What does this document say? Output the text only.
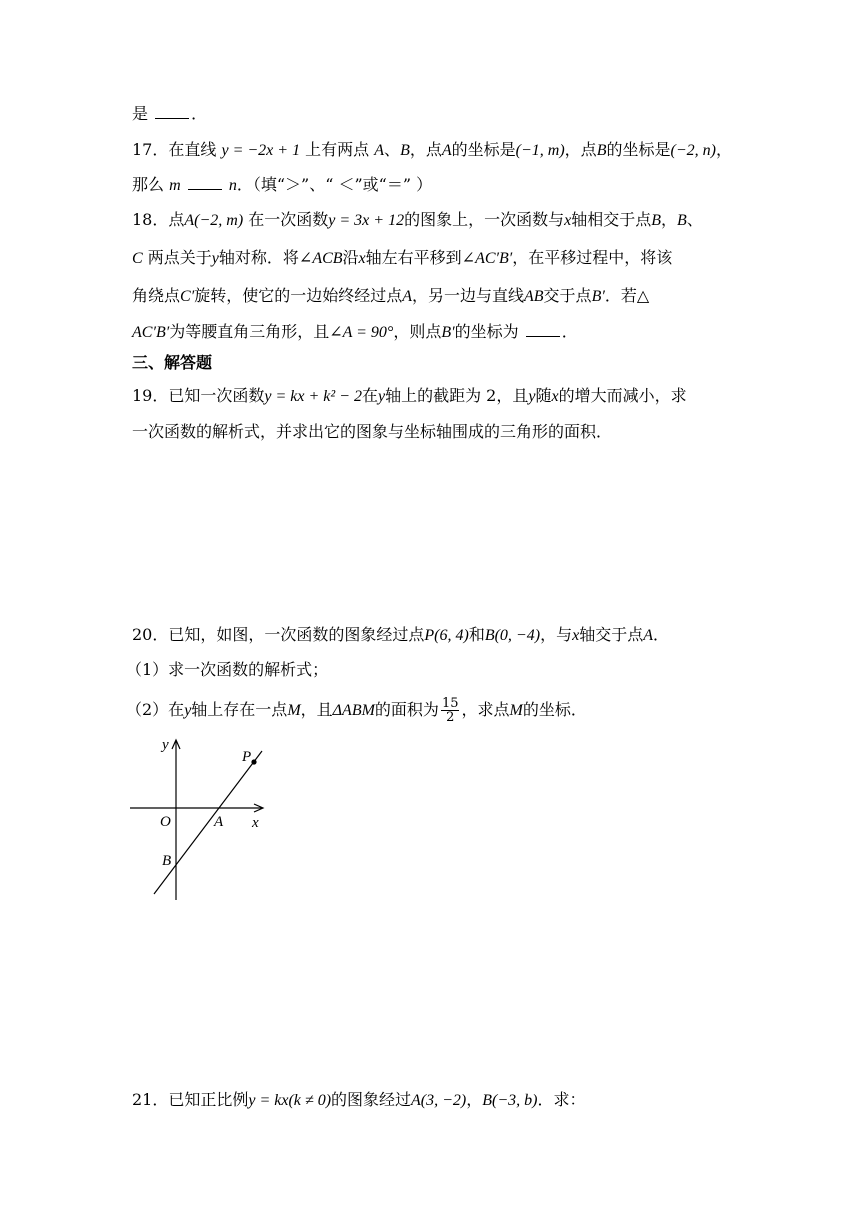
是	．
17．在直线 y = −2x + 1 上有两点 A、B，点A的坐标是(−1, m)，点B的坐标是(−2, n)，
那么 m	n．（填“＞”、“ ＜”或“＝” ）
18．点A(−2, m) 在一次函数y = 3x + 12的图象上，一次函数与x轴相交于点B，B、
C 两点关于y轴对称．将∠ACB沿x轴左右平移到∠AC′B′，在平移过程中，将该
角绕点C′旋转，使它的一边始终经过点A，另一边与直线AB交于点B′．若△
AC′B′为等腰直角三角形，且∠A = 90°，则点B′的坐标为	．
三、解答题
19．已知一次函数y = kx + k² − 2在y轴上的截距为 2，且y随x的增大而减小，求
一次函数的解析式，并求出它的图象与坐标轴围成的三角形的面积．
20．已知，如图，一次函数的图象经过点P(6, 4)和B(0, −4)，与x轴交于点A．
（1）求一次函数的解析式；
（2）在y轴上存在一点M，且ΔABM的面积为 $\frac{15}{2}$ ，求点M的坐标．
y
x
O	A
B
P
21．已知正比例y = kx(k ≠ 0)的图象经过A(3, −2)，B(−3, b)．求：
